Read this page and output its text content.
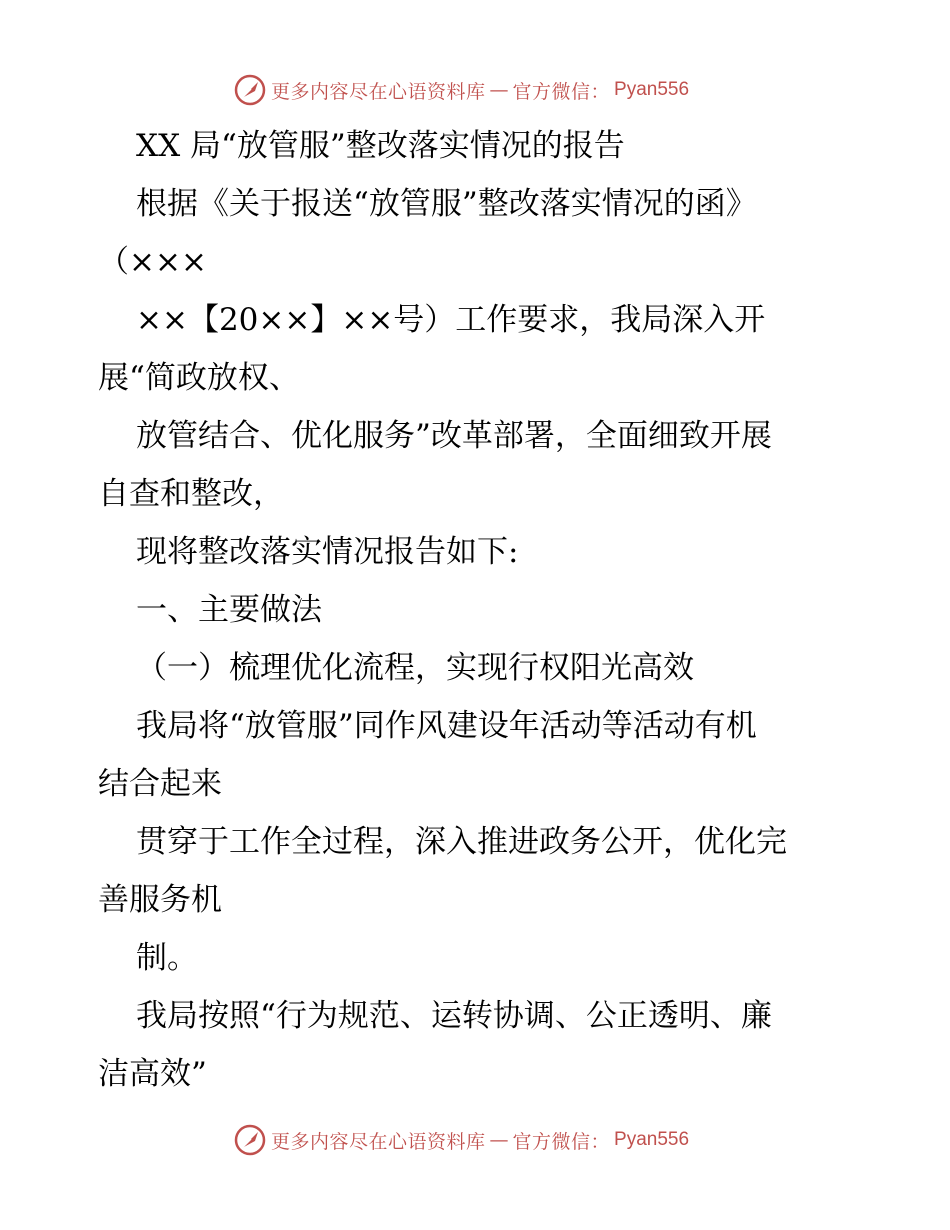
更多内容尽在心语资料库 — 官方微信： Pyan556

XX 局“放管服”整改落实情况的报告

根据《关于报送“放管服”整改落实情况的函》

（×××

××【20××】××号）工作要求，我局深入开

展“简政放权、

放管结合、优化服务”改革部署，全面细致开展

自查和整改，

现将整改落实情况报告如下:

一、主要做法

（一）梳理优化流程，实现行权阳光高效

我局将“放管服”同作风建设年活动等活动有机

结合起来

贯穿于工作全过程，深入推进政务公开，优化完

善服务机

制。

我局按照“行为规范、运转协调、公正透明、廉

洁高效”

更多内容尽在心语资料库 — 官方微信： Pyan556
